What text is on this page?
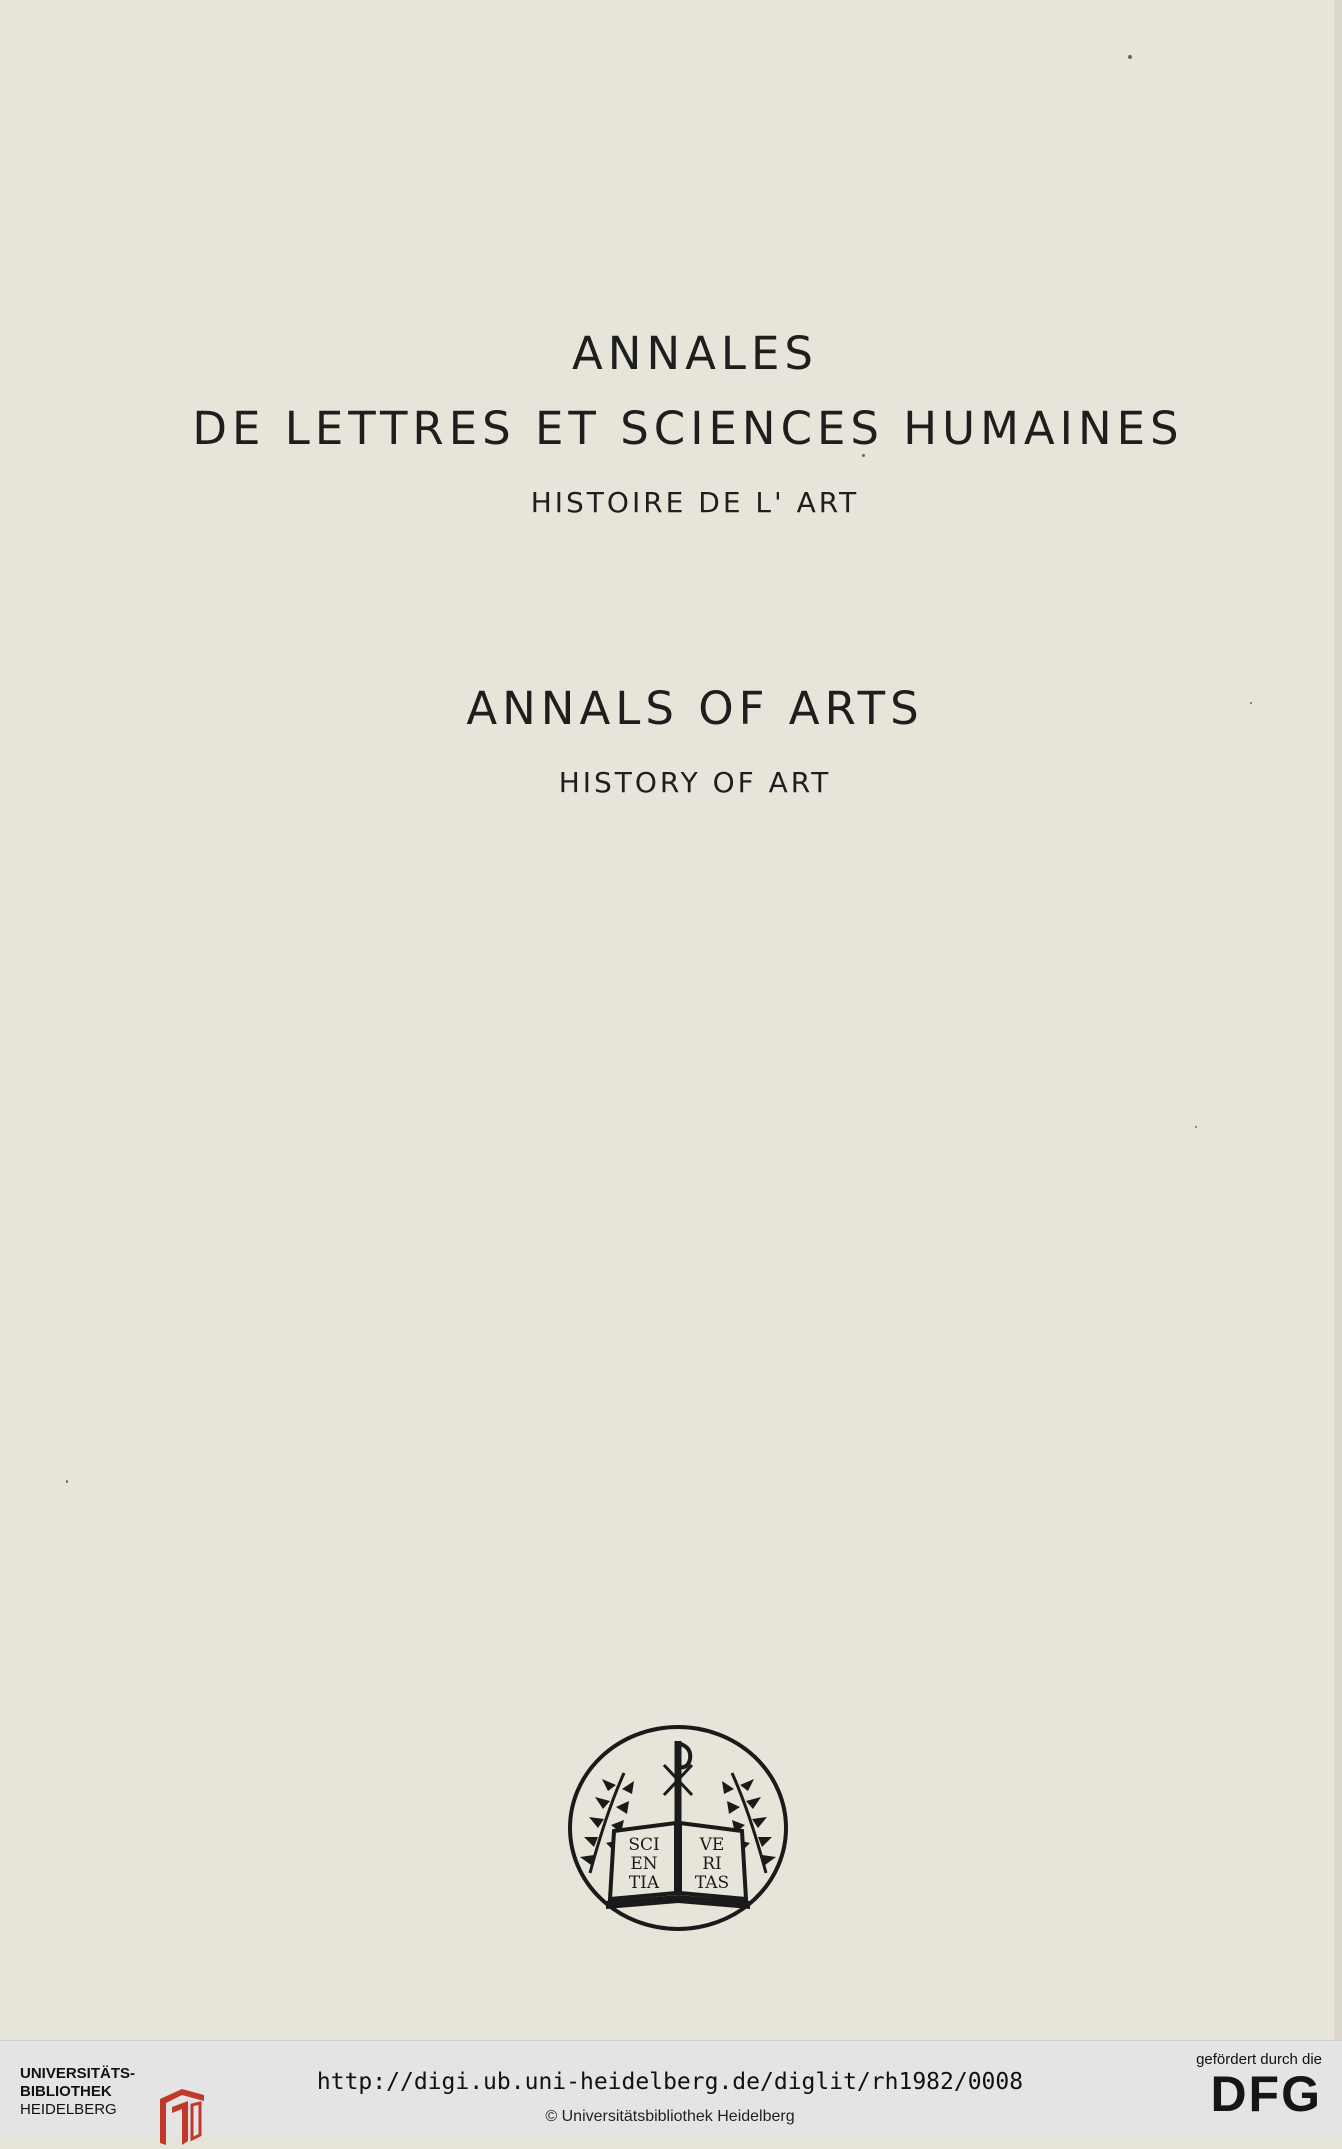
ANNALES
DE LETTRES ET SCIENCES HUMAINES
HISTOIRE DE L' ART
ANNALS OF ARTS
HISTORY OF ART
SCI
EN
TIA
VE
RI
TAS
UNIVERSITÄTS-
BIBLIOTHEK
HEIDELBERG
http://digi.ub.uni-heidelberg.de/diglit/rh1982/0008
© Universitätsbibliothek Heidelberg
gefördert durch die
DFG
